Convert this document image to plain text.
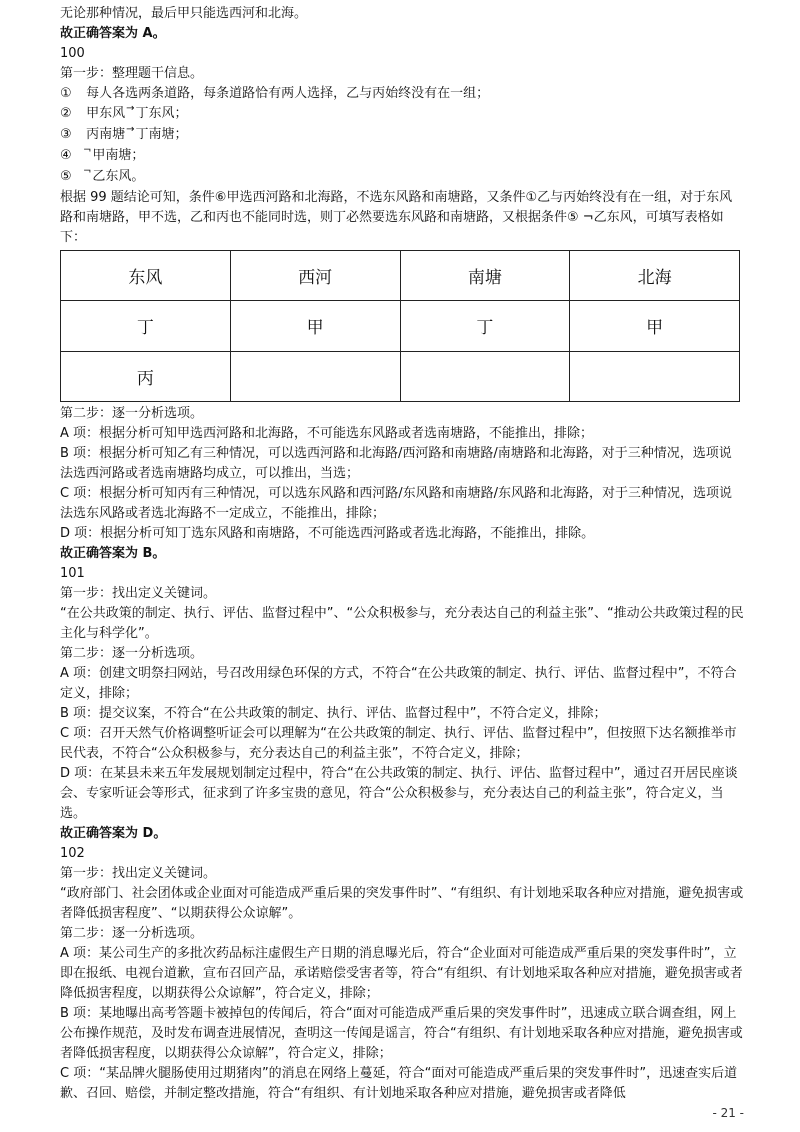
无论那种情况，最后甲只能选西河和北海。
故正确答案为 A。
100
第一步：整理题干信息。
① 每人各选两条道路，每条道路恰有两人选择，乙与丙始终没有在一组；
② 甲东风→丁东风；
③ 丙南塘→丁南塘；
④ ¬甲南塘；
⑤ ¬乙东风。
根据 99 题结论可知，条件⑥甲选西河路和北海路，不选东风路和南塘路，又条件①乙与丙始终没有在一组，对于东风路和南塘路，甲不选，乙和丙也不能同时选，则丁必然要选东风路和南塘路，又根据条件⑤ ¬乙东风，可填写表格如下：
东风	西河	南塘	北海
丁	甲	丁	甲
丙			
第二步：逐一分析选项。
A 项：根据分析可知甲选西河路和北海路，不可能选东风路或者选南塘路，不能推出，排除；
B 项：根据分析可知乙有三种情况，可以选西河路和北海路/西河路和南塘路/南塘路和北海路，对于三种情况，选项说法选西河路或者选南塘路均成立，可以推出，当选；
C 项：根据分析可知丙有三种情况，可以选东风路和西河路/东风路和南塘路/东风路和北海路，对于三种情况，选项说法选东风路或者选北海路不一定成立，不能推出，排除；
D 项：根据分析可知丁选东风路和南塘路，不可能选西河路或者选北海路，不能推出，排除。
故正确答案为 B。
101
第一步：找出定义关键词。
“在公共政策的制定、执行、评估、监督过程中”、“公众积极参与，充分表达自己的利益主张”、“推动公共政策过程的民主化与科学化”。
第二步：逐一分析选项。
A 项：创建文明祭扫网站，号召改用绿色环保的方式，不符合“在公共政策的制定、执行、评估、监督过程中”，不符合定义，排除；
B 项：提交议案，不符合“在公共政策的制定、执行、评估、监督过程中”，不符合定义，排除；
C 项：召开天然气价格调整听证会可以理解为“在公共政策的制定、执行、评估、监督过程中”，但按照下达名额推举市民代表，不符合“公众积极参与，充分表达自己的利益主张”，不符合定义，排除；
D 项：在某县未来五年发展规划制定过程中，符合“在公共政策的制定、执行、评估、监督过程中”，通过召开居民座谈会、专家听证会等形式，征求到了许多宝贵的意见，符合“公众积极参与，充分表达自己的利益主张”，符合定义，当选。
故正确答案为 D。
102
第一步：找出定义关键词。
“政府部门、社会团体或企业面对可能造成严重后果的突发事件时”、“有组织、有计划地采取各种应对措施，避免损害或者降低损害程度”、“以期获得公众谅解”。
第二步：逐一分析选项。
A 项：某公司生产的多批次药品标注虚假生产日期的消息曝光后，符合“企业面对可能造成严重后果的突发事件时”，立即在报纸、电视台道歉，宣布召回产品，承诺赔偿受害者等，符合“有组织、有计划地采取各种应对措施，避免损害或者降低损害程度，以期获得公众谅解”，符合定义，排除；
B 项：某地曝出高考答题卡被掉包的传闻后，符合“面对可能造成严重后果的突发事件时”，迅速成立联合调查组，网上公布操作规范，及时发布调查进展情况，查明这一传闻是谣言，符合“有组织、有计划地采取各种应对措施，避免损害或者降低损害程度，以期获得公众谅解”，符合定义，排除；
C 项：“某品牌火腿肠使用过期猪肉”的消息在网络上蔓延，符合“面对可能造成严重后果的突发事件时”，迅速查实后道歉、召回、赔偿，并制定整改措施，符合“有组织、有计划地采取各种应对措施，避免损害或者降低
- 21 -
